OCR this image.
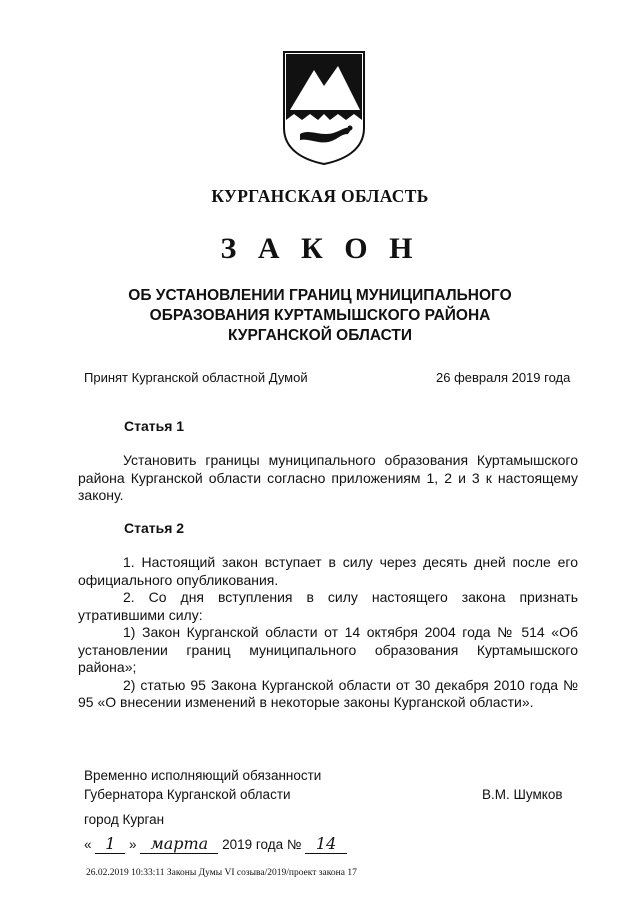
КУРГАНСКАЯ ОБЛАСТЬ
З А К О Н
ОБ УСТАНОВЛЕНИИ ГРАНИЦ МУНИЦИПАЛЬНОГО
ОБРАЗОВАНИЯ КУРТАМЫШСКОГО РАЙОНА
КУРГАНСКОЙ ОБЛАСТИ
Принят Курганской областной Думой	26 февраля 2019 года
Статья 1
Установить границы муниципального образования Куртамышского района Курганской области согласно приложениям 1, 2 и 3 к настоящему закону.
Статья 2
1. Настоящий закон вступает в силу через десять дней после его официального опубликования.
2. Со дня вступления в силу настоящего закона признать утратившими силу:
1) Закон Курганской области от 14 октября 2004 года № 514 «Об установлении границ муниципального образования Куртамышского района»;
2) статью 95 Закона Курганской области от 30 декабря 2010 года № 95 «О внесении изменений в некоторые законы Курганской области».
Временно исполняющий обязанности
Губернатора Курганской области	В.М. Шумков
город Курган
« 1 » марта 2019 года № 14
26.02.2019 10:33:11 Законы Думы VI созыва/2019/проект закона 17
